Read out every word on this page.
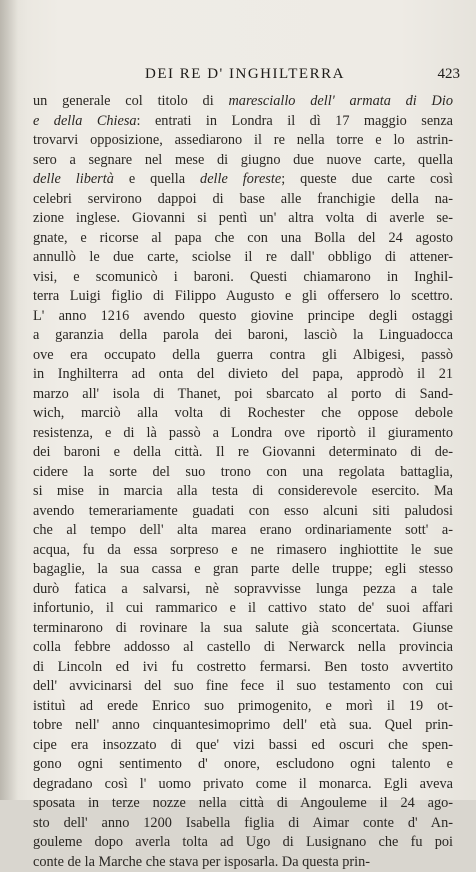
DEI RE D' INGHILTERRA	423
un generale col titolo di maresciallo dell' armata di Dio
e della Chiesa: entrati in Londra il dì 17 maggio senza
trovarvi opposizione, assediarono il re nella torre e lo astrin-
sero a segnare nel mese di giugno due nuove carte, quella
delle libertà e quella delle foreste; queste due carte così
celebri servirono dappoi di base alle franchigie della na-
zione inglese. Giovanni si pentì un' altra volta di averle se-
gnate, e ricorse al papa che con una Bolla del 24 agosto
annullò le due carte, sciolse il re dall' obbligo di attener-
visi, e scomunicò i baroni. Questi chiamarono in Inghil-
terra Luigi figlio di Filippo Augusto e gli offersero lo scettro.
L' anno 1216 avendo questo giovine principe degli ostaggi
a garanzia della parola dei baroni, lasciò la Linguadocca
ove era occupato della guerra contra gli Albigesi, passò
in Inghilterra ad onta del divieto del papa, approdò il 21
marzo all' isola di Thanet, poi sbarcato al porto di Sand-
wich, marciò alla volta di Rochester che oppose debole
resistenza, e di là passò a Londra ove riportò il giuramento
dei baroni e della città. Il re Giovanni determinato di de-
cidere la sorte del suo trono con una regolata battaglia,
si mise in marcia alla testa di considerevole esercito. Ma
avendo temerariamente guadati con esso alcuni siti paludosi
che al tempo dell' alta marea erano ordinariamente sott' a-
acqua, fu da essa sorpreso e ne rimasero inghiottite le sue
bagaglie, la sua cassa e gran parte delle truppe; egli stesso
durò fatica a salvarsi, nè sopravvisse lunga pezza a tale
infortunio, il cui rammarico e il cattivo stato de' suoi affari
terminarono di rovinare la sua salute già sconcertata. Giunse
colla febbre addosso al castello di Nerwarck nella provincia
di Lincoln ed ivi fu costretto fermarsi. Ben tosto avvertito
dell' avvicinarsi del suo fine fece il suo testamento con cui
istituì ad erede Enrico suo primogenito, e morì il 19 ot-
tobre nell' anno cinquantesimoprimo dell' età sua. Quel prin-
cipe era insozzato di que' vizi bassi ed oscuri che spen-
gono ogni sentimento d' onore, escludono ogni talento e
degradano così l' uomo privato come il monarca. Egli aveva
sposata in terze nozze nella città di Angouleme il 24 ago-
sto dell' anno 1200 Isabella figlia di Aimar conte d' An-
gouleme dopo averla tolta ad Ugo di Lusignano che fu poi
conte de la Marche che stava per isposarla. Da questa prin-
